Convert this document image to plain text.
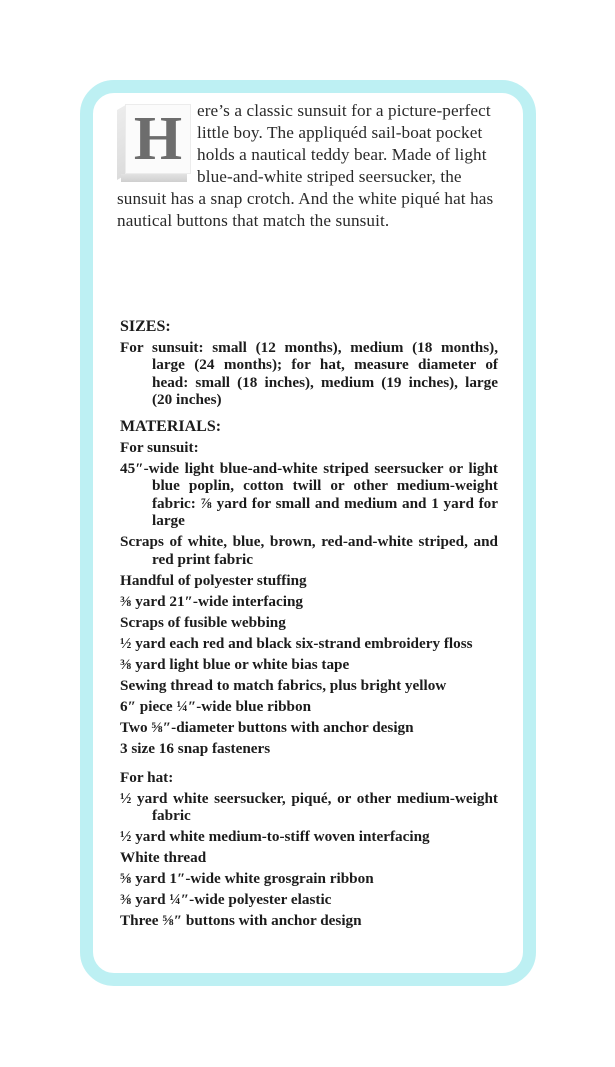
H ere’s a classic sunsuit for a picture-perfect little boy. The appliquéd sail-boat pocket holds a nautical teddy bear. Made of light blue-and-white striped seersucker, the sunsuit has a snap crotch. And the white piqué hat has nautical buttons that match the sunsuit.
SIZES:
For sunsuit: small (12 months), medium (18 months), large (24 months); for hat, measure diameter of head: small (18 inches), medium (19 inches), large (20 inches)
MATERIALS:
For sunsuit:
45″-wide light blue-and-white striped seersucker or light blue poplin, cotton twill or other medium-weight fabric: ⅞ yard for small and medium and 1 yard for large
Scraps of white, blue, brown, red-and-white striped, and red print fabric
Handful of polyester stuffing
⅜ yard 21″-wide interfacing
Scraps of fusible webbing
½ yard each red and black six-strand embroidery floss
⅜ yard light blue or white bias tape
Sewing thread to match fabrics, plus bright yellow
6″ piece ¼″-wide blue ribbon
Two ⅝″-diameter buttons with anchor design
3 size 16 snap fasteners
For hat:
½ yard white seersucker, piqué, or other medium-weight fabric
½ yard white medium-to-stiff woven interfacing
White thread
⅝ yard 1″-wide white grosgrain ribbon
⅜ yard ¼″-wide polyester elastic
Three ⅝″ buttons with anchor design
